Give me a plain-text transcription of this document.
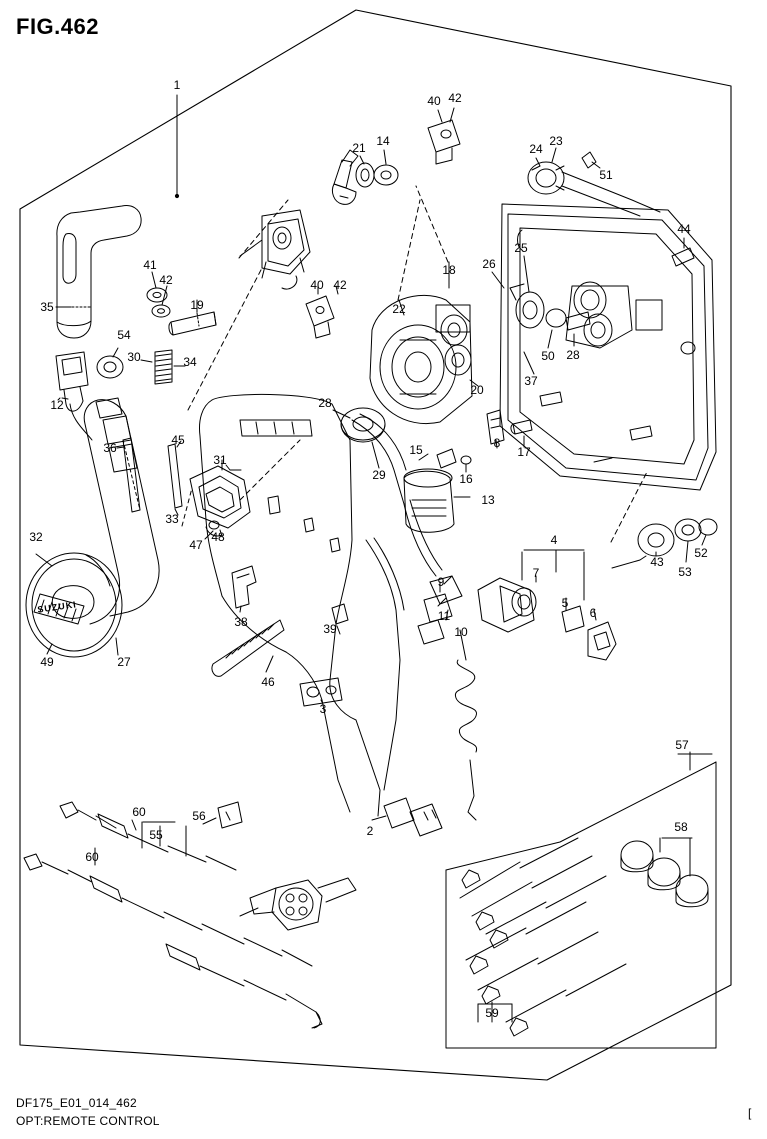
FIG.462
1
40 42
24
23
51
21 14
44
25
26
18
41
42
19
35
40 42
22
54
30	34	50 28
37
20
12	28
36
45
31
15	8
17
29	16
13
33
47
48
32	4
52
53
43
7
5
6
38	39
9
11
10
49	27
46
3
57
2
60	56
55
58
60
59
SUZUKI
DF175_E01_014_462
OPT:REMOTE CONTROL
[
